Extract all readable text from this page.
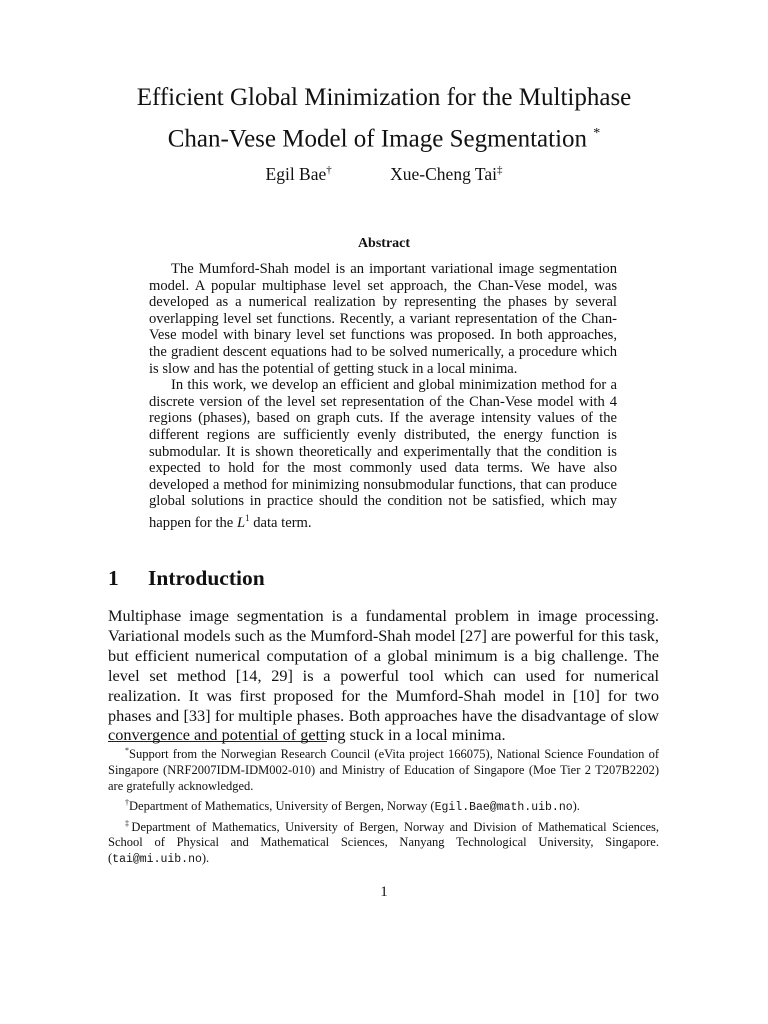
Efficient Global Minimization for the Multiphase
Chan-Vese Model of Image Segmentation *
Egil Bae†	Xue-Cheng Tai‡
Abstract

The Mumford-Shah model is an important variational image segmentation model. A popular multiphase level set approach, the Chan-Vese model, was developed as a numerical realization by representing the phases by several overlapping level set functions. Recently, a variant representation of the Chan-Vese model with binary level set functions was proposed. In both approaches, the gradient descent equations had to be solved numerically, a procedure which is slow and has the potential of getting stuck in a local minima.

In this work, we develop an efficient and global minimization method for a discrete version of the level set representation of the Chan-Vese model with 4 regions (phases), based on graph cuts. If the average intensity values of the different regions are sufficiently evenly distributed, the energy function is submodular. It is shown theoretically and experimentally that the condition is expected to hold for the most commonly used data terms. We have also developed a method for minimizing nonsubmodular functions, that can produce global solutions in practice should the condition not be satisfied, which may happen for the $L^1$ data term.

1 Introduction

Multiphase image segmentation is a fundamental problem in image processing. Variational models such as the Mumford-Shah model [27] are powerful for this task, but efficient numerical computation of a global minimum is a big challenge. The level set method [14, 29] is a powerful tool which can used for numerical realization. It was first proposed for the Mumford-Shah model in [10] for two phases and [33] for multiple phases. Both approaches have the disadvantage of slow convergence and potential of getting stuck in a local minima.

*Support from the Norwegian Research Council (eVita project 166075), National Science Foundation of Singapore (NRF2007IDM-IDM002-010) and Ministry of Education of Singapore (Moe Tier 2 T207B2202) are gratefully acknowledged.

†Department of Mathematics, University of Bergen, Norway (Egil.Bae@math.uib.no).

‡Department of Mathematics, University of Bergen, Norway and Division of Mathematical Sciences, School of Physical and Mathematical Sciences, Nanyang Technological University, Singapore. (tai@mi.uib.no).

1
